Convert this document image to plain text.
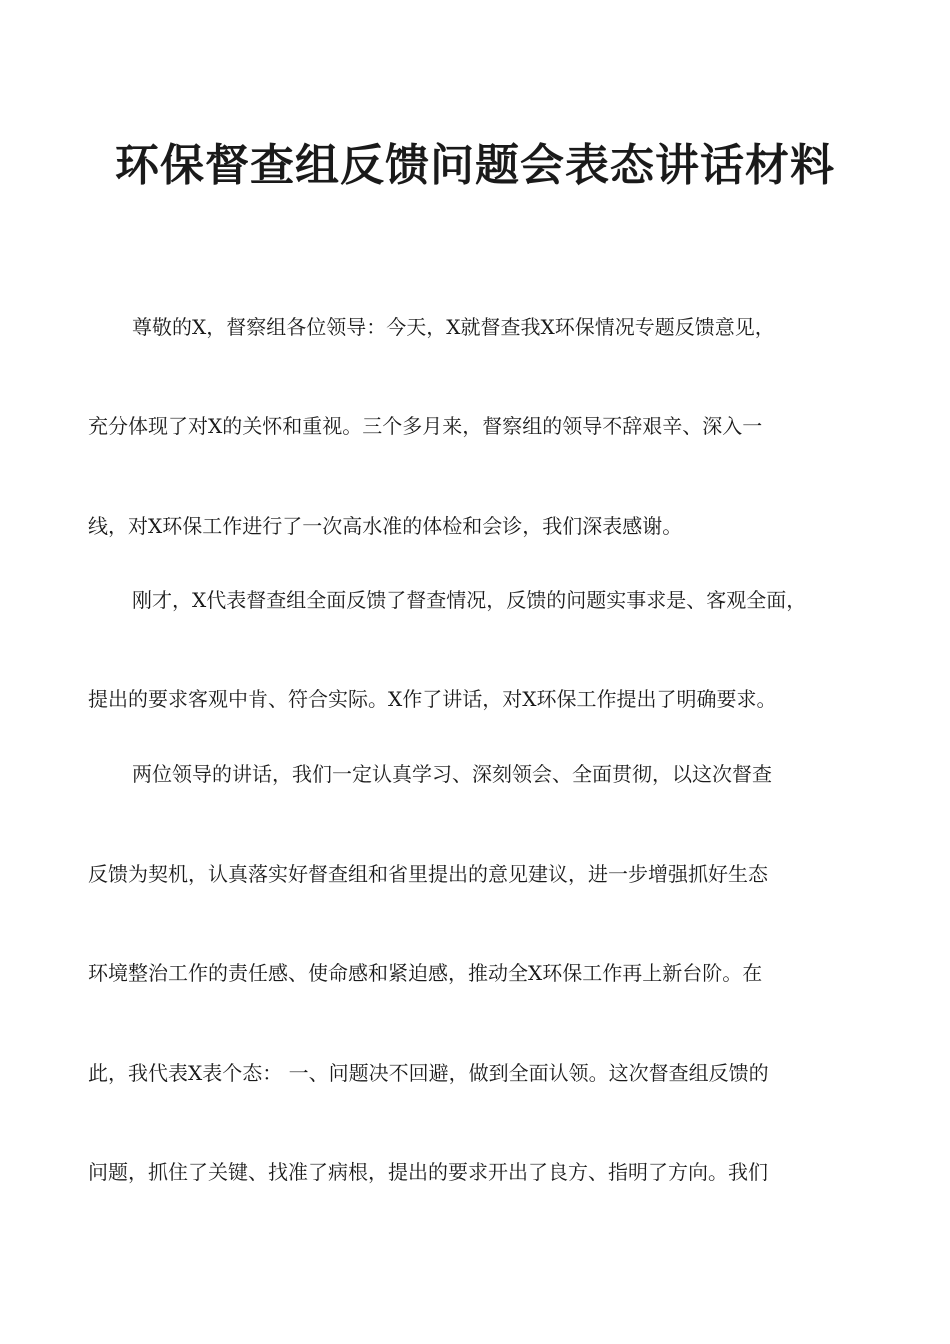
环保督查组反馈问题会表态讲话材料
尊敬的X，督察组各位领导：今天，X就督查我X环保情况专题反馈意见，
充分体现了对X的关怀和重视。三个多月来，督察组的领导不辞艰辛、深入一
线，对X环保工作进行了一次高水准的体检和会诊，我们深表感谢。
刚才，X代表督查组全面反馈了督查情况，反馈的问题实事求是、客观全面，
提出的要求客观中肯、符合实际。X作了讲话，对X环保工作提出了明确要求。
两位领导的讲话，我们一定认真学习、深刻领会、全面贯彻，以这次督查
反馈为契机，认真落实好督查组和省里提出的意见建议，进一步增强抓好生态
环境整治工作的责任感、使命感和紧迫感，推动全X环保工作再上新台阶。在
此，我代表X表个态： 一、问题决不回避，做到全面认领。这次督查组反馈的
问题，抓住了关键、找准了病根，提出的要求开出了良方、指明了方向。我们
